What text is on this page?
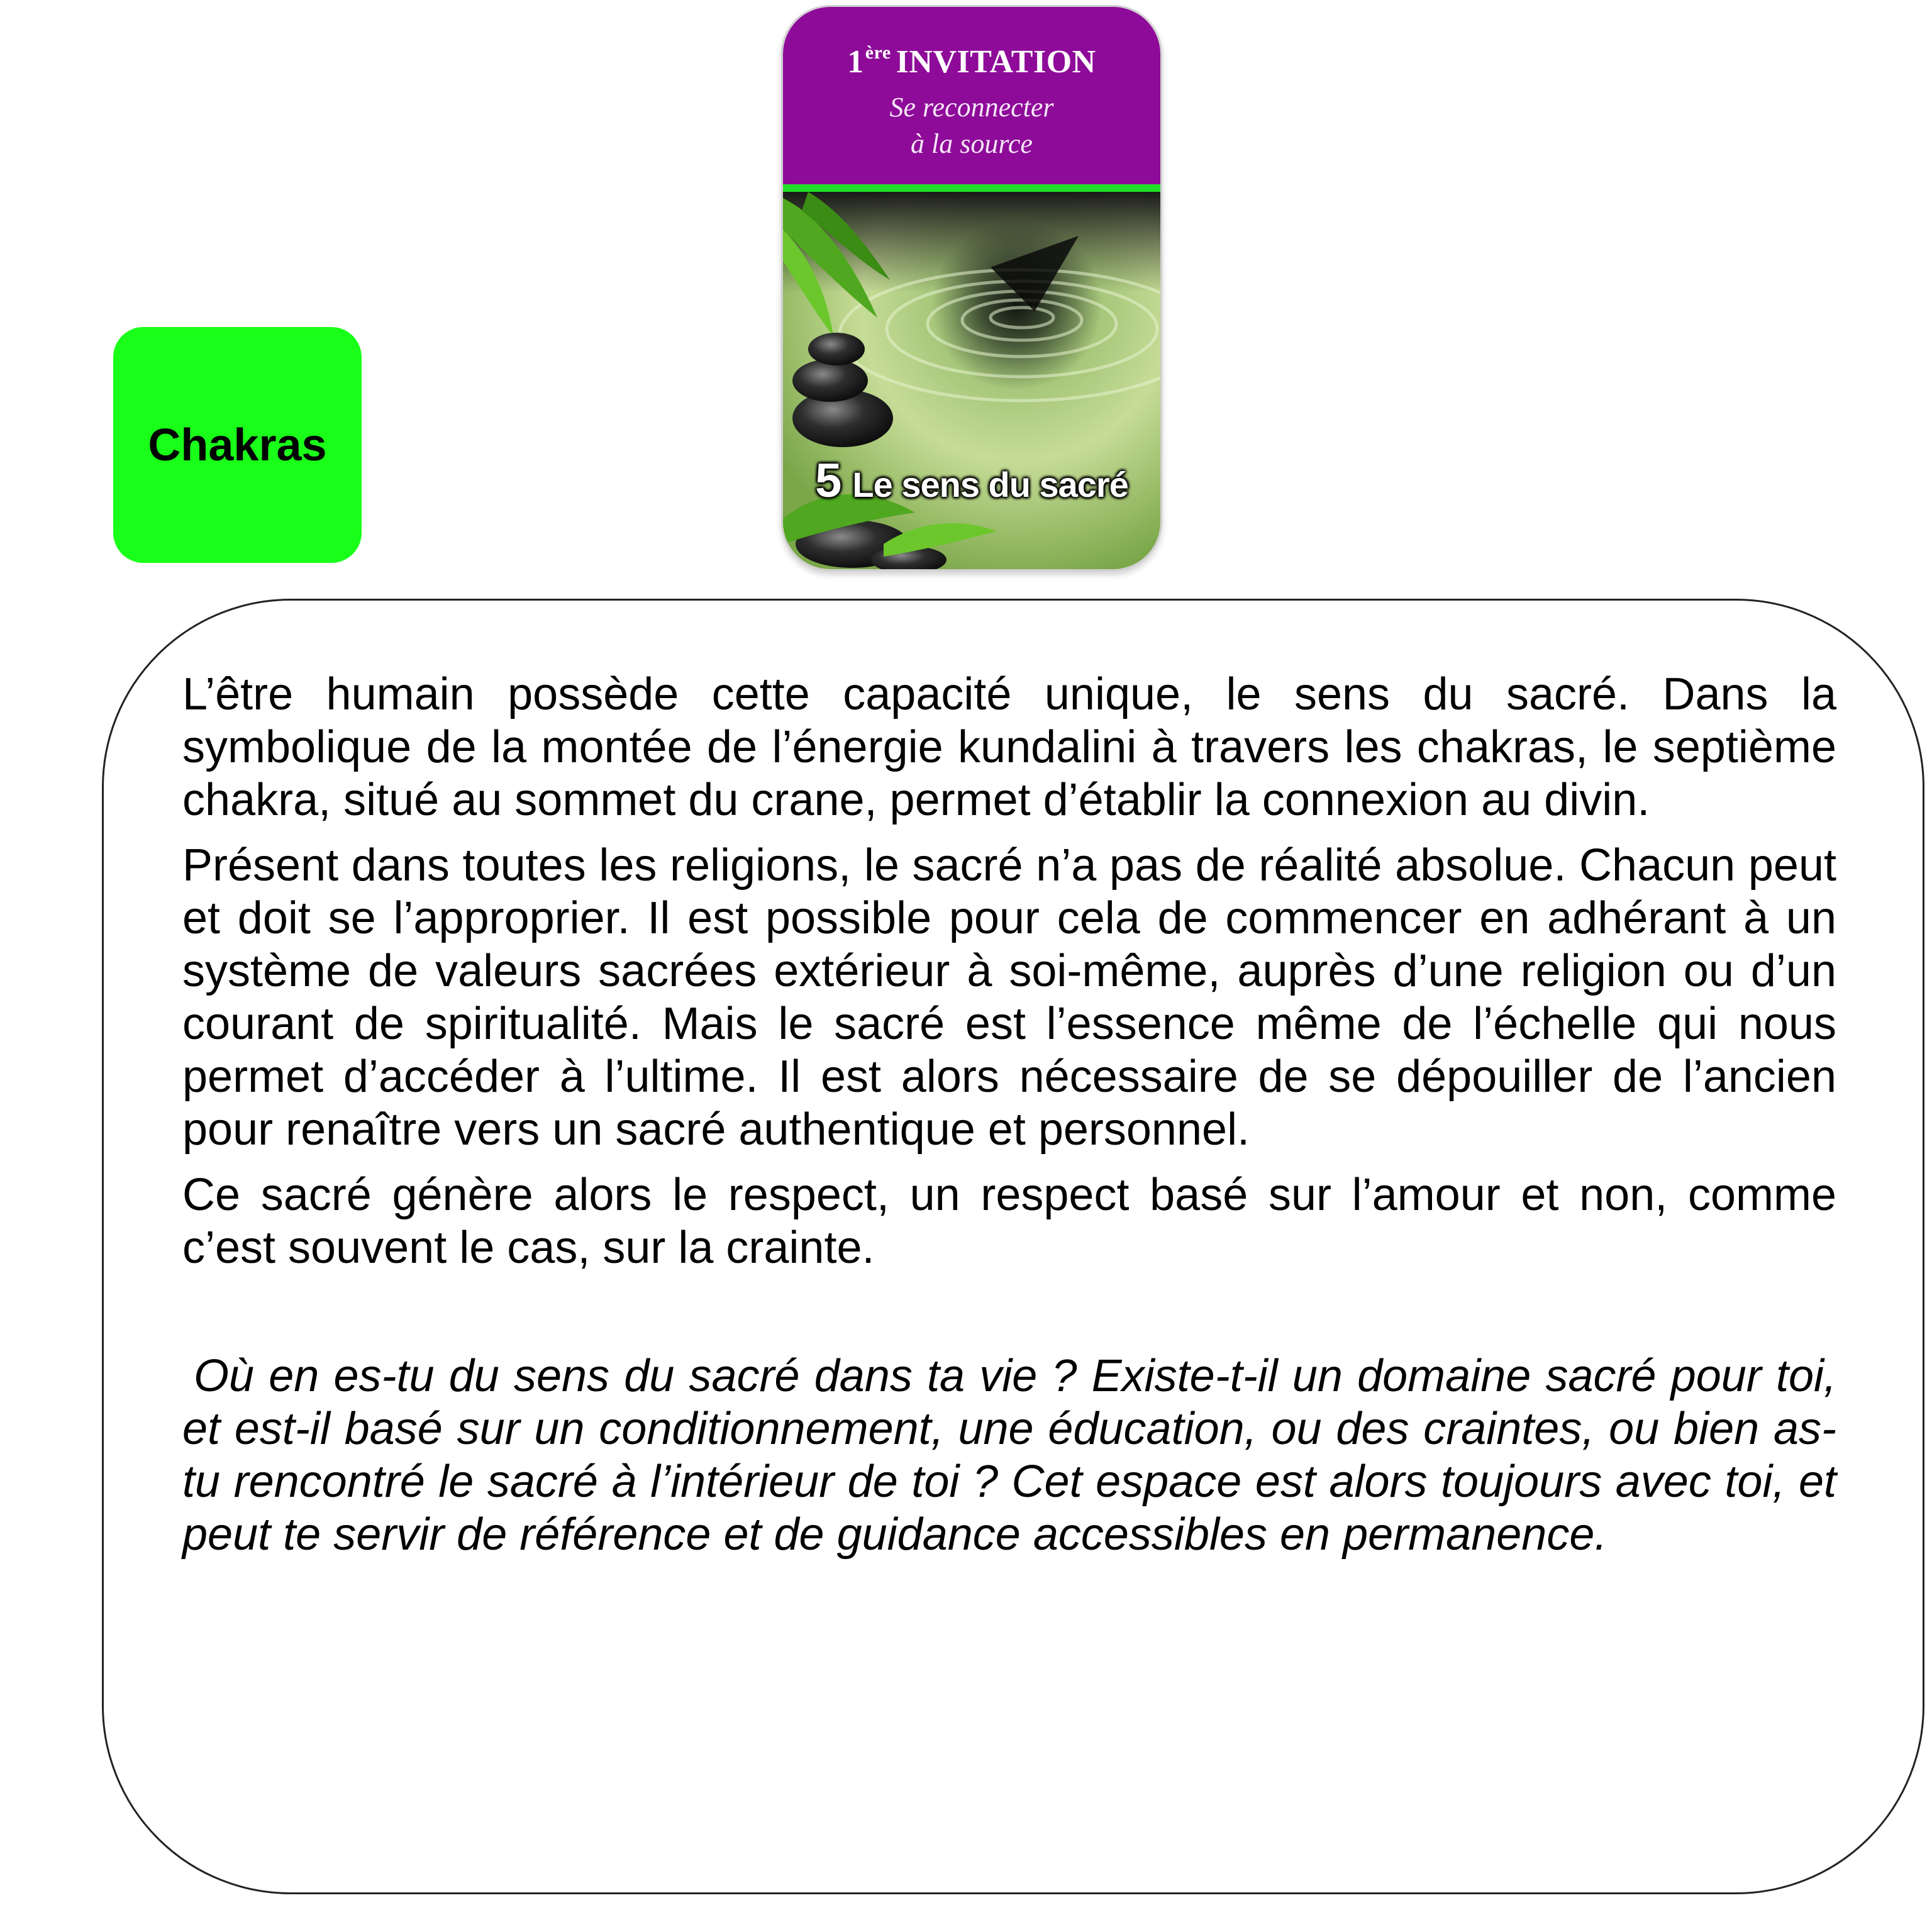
Chakras
1ère INVITATION
Se reconnecter
à la source
5 Le sens du sacré

L’être humain possède cette capacité unique, le sens du sacré. Dans la symbolique de la montée de l’énergie kundalini à travers les chakras, le septième chakra, situé au sommet du crane, permet d’établir la connexion au divin.

Présent dans toutes les religions, le sacré n’a pas de réalité absolue. Chacun peut et doit se l’approprier. Il est possible pour cela de commencer en adhérant à un système de valeurs sacrées extérieur à soi-même, auprès d’une religion ou d’un courant de spiritualité. Mais le sacré est l’essence même de l’échelle qui nous permet d’accéder à l’ultime. Il est alors nécessaire de se dépouiller de l’ancien pour renaître vers un sacré authentique et personnel.

Ce sacré génère alors le respect, un respect basé sur l’amour et non, comme c’est souvent le cas, sur la crainte.

Où en es-tu du sens du sacré dans ta vie ? Existe-t-il un domaine sacré pour toi, et est-il basé sur un conditionnement, une éducation, ou des craintes, ou bien as-tu rencontré le sacré à l’intérieur de toi ? Cet espace est alors toujours avec toi, et peut te servir de référence et de guidance accessibles en permanence.
